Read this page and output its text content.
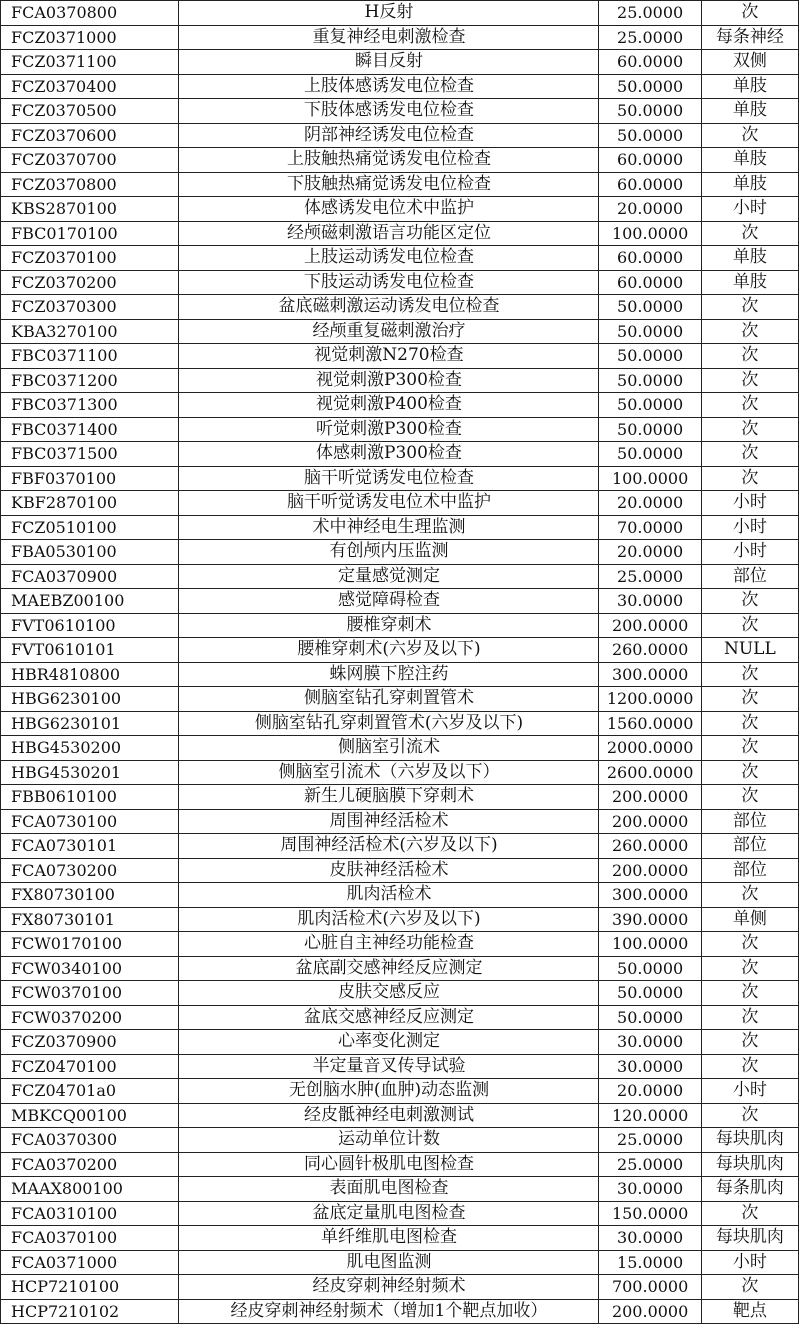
FCA0370800	H反射	25.0000	次
FCZ0371000	重复神经电刺激检查	25.0000	每条神经
FCZ0371100	瞬目反射	60.0000	双侧
FCZ0370400	上肢体感诱发电位检查	50.0000	单肢
FCZ0370500	下肢体感诱发电位检查	50.0000	单肢
FCZ0370600	阴部神经诱发电位检查	50.0000	次
FCZ0370700	上肢触热痛觉诱发电位检查	60.0000	单肢
FCZ0370800	下肢触热痛觉诱发电位检查	60.0000	单肢
KBS2870100	体感诱发电位术中监护	20.0000	小时
FBC0170100	经颅磁刺激语言功能区定位	100.0000	次
FCZ0370100	上肢运动诱发电位检查	60.0000	单肢
FCZ0370200	下肢运动诱发电位检查	60.0000	单肢
FCZ0370300	盆底磁刺激运动诱发电位检查	50.0000	次
KBA3270100	经颅重复磁刺激治疗	50.0000	次
FBC0371100	视觉刺激N270检查	50.0000	次
FBC0371200	视觉刺激P300检查	50.0000	次
FBC0371300	视觉刺激P400检查	50.0000	次
FBC0371400	听觉刺激P300检查	50.0000	次
FBC0371500	体感刺激P300检查	50.0000	次
FBF0370100	脑干听觉诱发电位检查	100.0000	次
KBF2870100	脑干听觉诱发电位术中监护	20.0000	小时
FCZ0510100	术中神经电生理监测	70.0000	小时
FBA0530100	有创颅内压监测	20.0000	小时
FCA0370900	定量感觉测定	25.0000	部位
MAEBZ00100	感觉障碍检查	30.0000	次
FVT0610100	腰椎穿刺术	200.0000	次
FVT0610101	腰椎穿刺术(六岁及以下)	260.0000	NULL
HBR4810800	蛛网膜下腔注药	300.0000	次
HBG6230100	侧脑室钻孔穿刺置管术	1200.0000	次
HBG6230101	侧脑室钻孔穿刺置管术(六岁及以下)	1560.0000	次
HBG4530200	侧脑室引流术	2000.0000	次
HBG4530201	侧脑室引流术（六岁及以下）	2600.0000	次
FBB0610100	新生儿硬脑膜下穿刺术	200.0000	次
FCA0730100	周围神经活检术	200.0000	部位
FCA0730101	周围神经活检术(六岁及以下)	260.0000	部位
FCA0730200	皮肤神经活检术	200.0000	部位
FX80730100	肌肉活检术	300.0000	次
FX80730101	肌肉活检术(六岁及以下)	390.0000	单侧
FCW0170100	心脏自主神经功能检查	100.0000	次
FCW0340100	盆底副交感神经反应测定	50.0000	次
FCW0370100	皮肤交感反应	50.0000	次
FCW0370200	盆底交感神经反应测定	50.0000	次
FCZ0370900	心率变化测定	30.0000	次
FCZ0470100	半定量音叉传导试验	30.0000	次
FCZ04701a0	无创脑水肿(血肿)动态监测	20.0000	小时
MBKCQ00100	经皮骶神经电刺激测试	120.0000	次
FCA0370300	运动单位计数	25.0000	每块肌肉
FCA0370200	同心圆针极肌电图检查	25.0000	每块肌肉
MAAX800100	表面肌电图检查	30.0000	每条肌肉
FCA0310100	盆底定量肌电图检查	150.0000	次
FCA0370100	单纤维肌电图检查	30.0000	每块肌肉
FCA0371000	肌电图监测	15.0000	小时
HCP7210100	经皮穿刺神经射频术	700.0000	次
HCP7210102	经皮穿刺神经射频术（增加1个靶点加收）	200.0000	靶点
